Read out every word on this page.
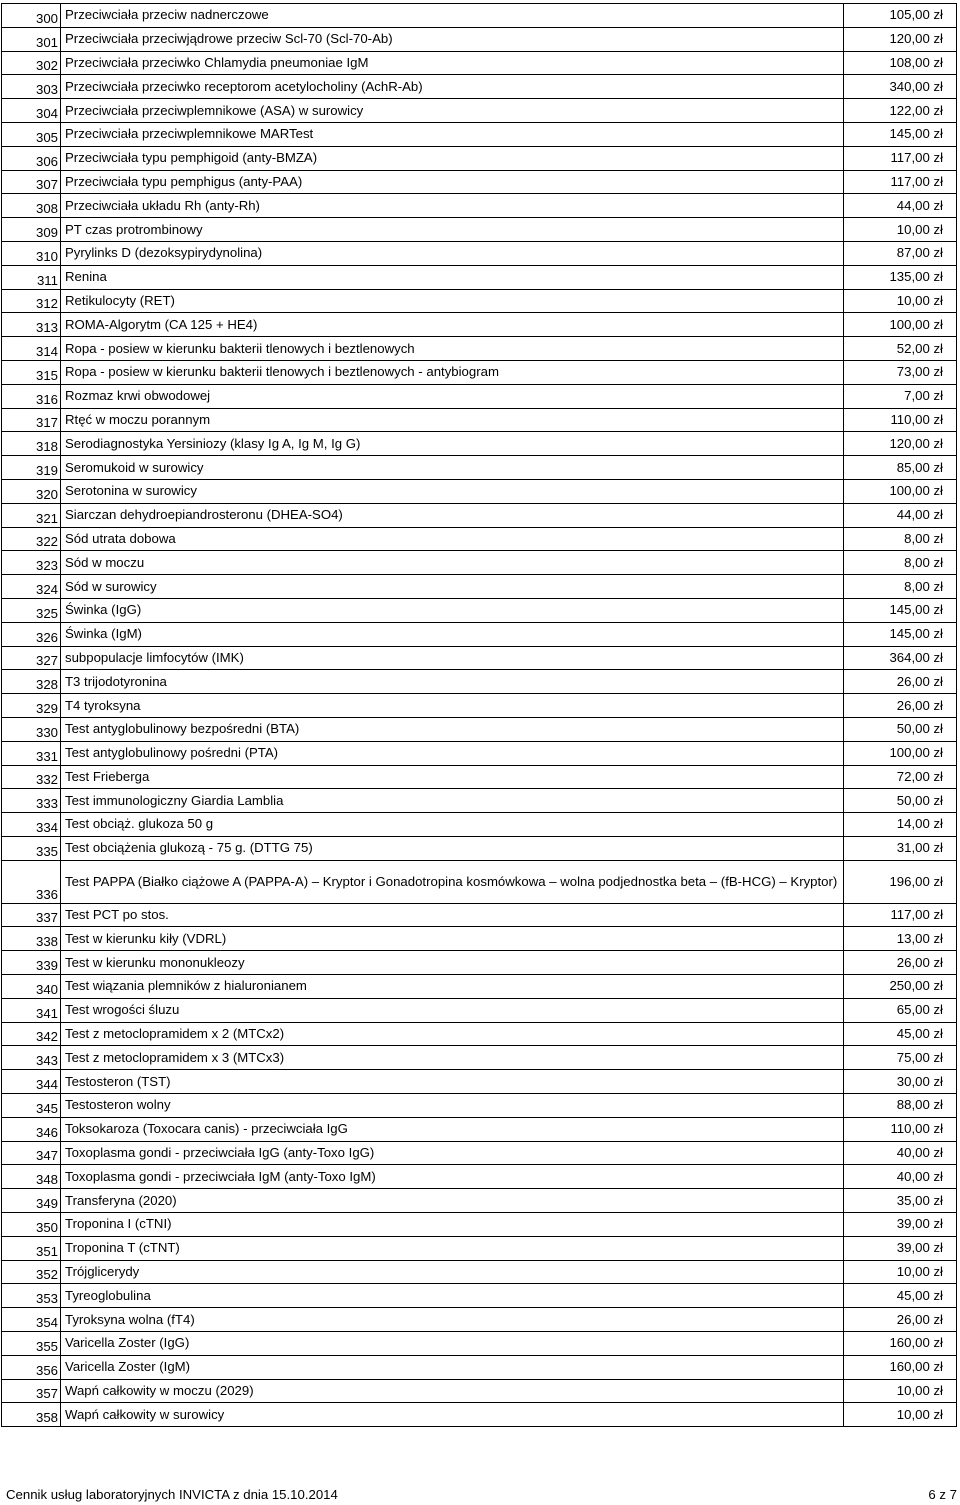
300	Przeciwciała przeciw nadnerczowe	105,00 zł
301	Przeciwciała przeciwjądrowe przeciw Scl-70 (Scl-70-Ab)	120,00 zł
302	Przeciwciała przeciwko Chlamydia pneumoniae IgM	108,00 zł
303	Przeciwciała przeciwko receptorom acetylocholiny (AchR-Ab)	340,00 zł
304	Przeciwciała przeciwplemnikowe (ASA) w surowicy	122,00 zł
305	Przeciwciała przeciwplemnikowe MARTest	145,00 zł
306	Przeciwciała typu pemphigoid (anty-BMZA)	117,00 zł
307	Przeciwciała typu pemphigus (anty-PAA)	117,00 zł
308	Przeciwciała układu Rh (anty-Rh)	44,00 zł
309	PT czas protrombinowy	10,00 zł
310	Pyrylinks D (dezoksypirydynolina)	87,00 zł
311	Renina	135,00 zł
312	Retikulocyty (RET)	10,00 zł
313	ROMA-Algorytm (CA 125 + HE4)	100,00 zł
314	Ropa - posiew w kierunku bakterii tlenowych i beztlenowych	52,00 zł
315	Ropa - posiew w kierunku bakterii tlenowych i beztlenowych - antybiogram	73,00 zł
316	Rozmaz krwi obwodowej	7,00 zł
317	Rtęć w moczu porannym	110,00 zł
318	Serodiagnostyka Yersiniozy (klasy Ig A, Ig M, Ig G)	120,00 zł
319	Seromukoid w surowicy	85,00 zł
320	Serotonina w surowicy	100,00 zł
321	Siarczan dehydroepiandrosteronu (DHEA-SO4)	44,00 zł
322	Sód utrata dobowa	8,00 zł
323	Sód w moczu	8,00 zł
324	Sód w surowicy	8,00 zł
325	Świnka (IgG)	145,00 zł
326	Świnka (IgM)	145,00 zł
327	subpopulacje limfocytów (IMK)	364,00 zł
328	T3 trijodotyronina	26,00 zł
329	T4 tyroksyna	26,00 zł
330	Test antyglobulinowy bezpośredni (BTA)	50,00 zł
331	Test antyglobulinowy pośredni (PTA)	100,00 zł
332	Test Frieberga	72,00 zł
333	Test immunologiczny Giardia Lamblia	50,00 zł
334	Test obciąż. glukoza 50 g	14,00 zł
335	Test obciążenia glukozą - 75 g. (DTTG 75)	31,00 zł
336	Test PAPPA (Białko ciążowe A (PAPPA-A) – Kryptor i Gonadotropina kosmówkowa – wolna podjednostka beta – (fB-HCG) – Kryptor)	196,00 zł
337	Test PCT po stos.	117,00 zł
338	Test w kierunku kiły (VDRL)	13,00 zł
339	Test w kierunku mononukleozy	26,00 zł
340	Test wiązania plemników z hialuronianem	250,00 zł
341	Test wrogości śluzu	65,00 zł
342	Test z metoclopramidem x 2 (MTCx2)	45,00 zł
343	Test z metoclopramidem x 3 (MTCx3)	75,00 zł
344	Testosteron (TST)	30,00 zł
345	Testosteron wolny	88,00 zł
346	Toksokaroza (Toxocara canis) - przeciwciała IgG	110,00 zł
347	Toxoplasma gondi - przeciwciała IgG (anty-Toxo IgG)	40,00 zł
348	Toxoplasma gondi - przeciwciała IgM (anty-Toxo IgM)	40,00 zł
349	Transferyna (2020)	35,00 zł
350	Troponina I (cTNI)	39,00 zł
351	Troponina T (cTNT)	39,00 zł
352	Trójglicerydy	10,00 zł
353	Tyreoglobulina	45,00 zł
354	Tyroksyna wolna (fT4)	26,00 zł
355	Varicella Zoster (IgG)	160,00 zł
356	Varicella Zoster (IgM)	160,00 zł
357	Wapń całkowity w moczu (2029)	10,00 zł
358	Wapń całkowity w surowicy	10,00 zł
Cennik usług laboratoryjnych INVICTA z dnia 15.10.2014	6 z 7
